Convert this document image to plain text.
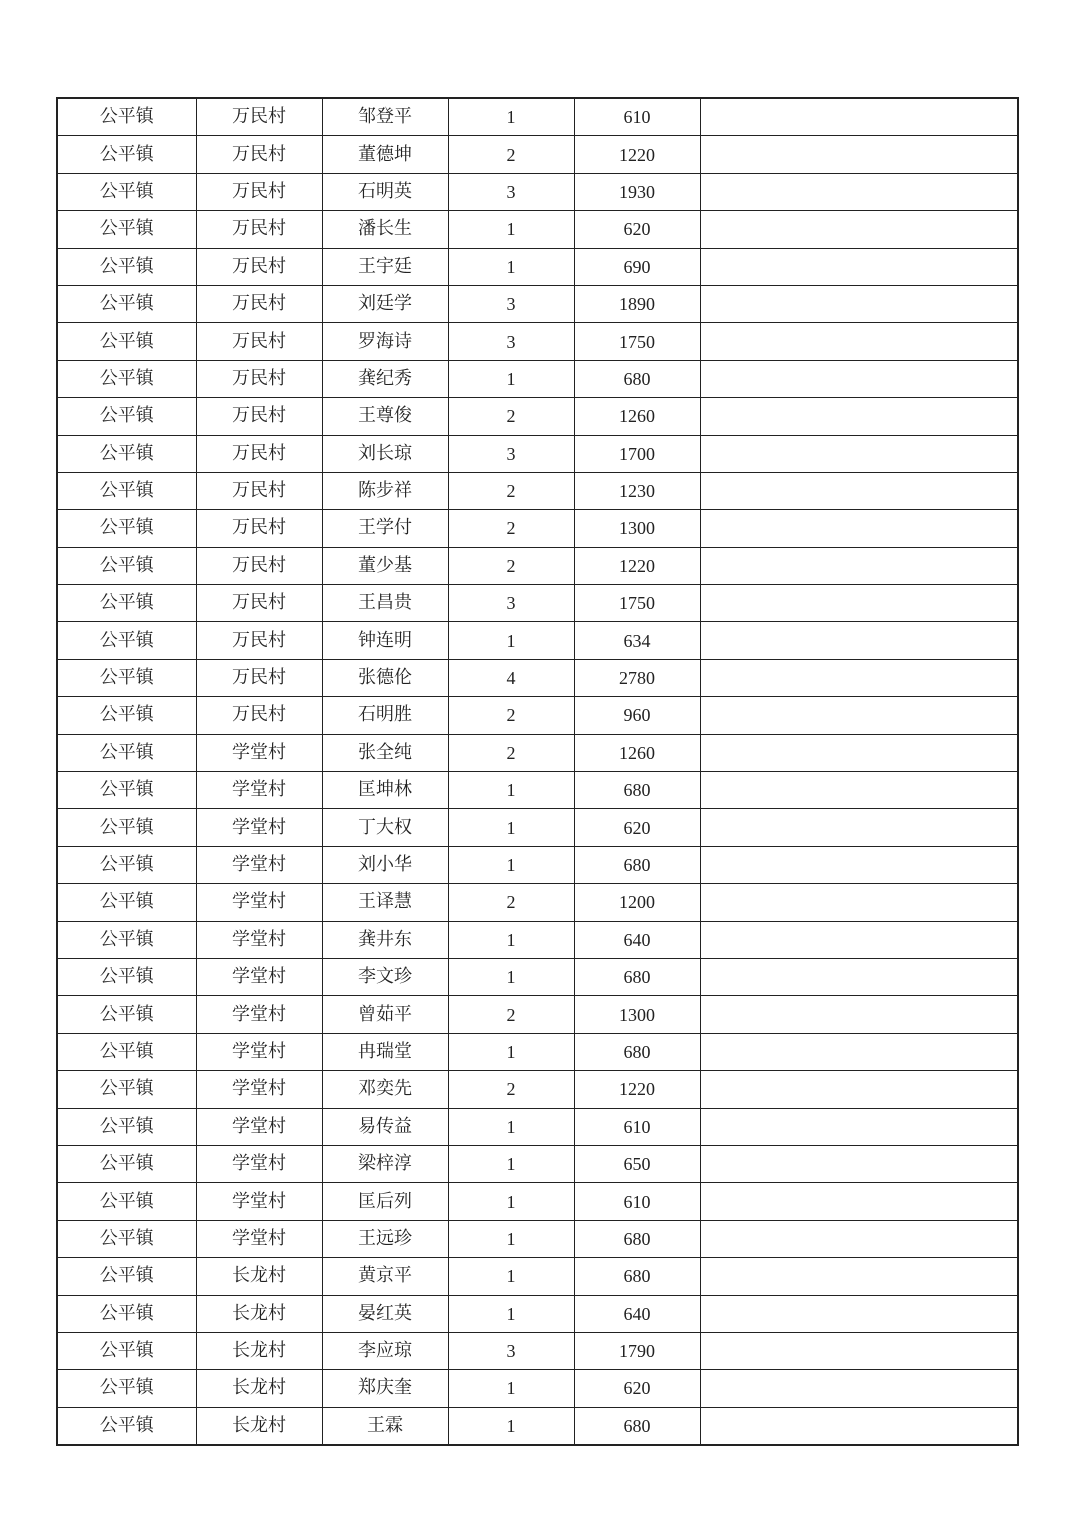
公平镇	万民村	邹登平	1	610	
公平镇	万民村	董德坤	2	1220	
公平镇	万民村	石明英	3	1930	
公平镇	万民村	潘长生	1	620	
公平镇	万民村	王宇廷	1	690	
公平镇	万民村	刘廷学	3	1890	
公平镇	万民村	罗海诗	3	1750	
公平镇	万民村	龚纪秀	1	680	
公平镇	万民村	王尊俊	2	1260	
公平镇	万民村	刘长琼	3	1700	
公平镇	万民村	陈步祥	2	1230	
公平镇	万民村	王学付	2	1300	
公平镇	万民村	董少基	2	1220	
公平镇	万民村	王昌贵	3	1750	
公平镇	万民村	钟连明	1	634	
公平镇	万民村	张德伦	4	2780	
公平镇	万民村	石明胜	2	960	
公平镇	学堂村	张全纯	2	1260	
公平镇	学堂村	匡坤林	1	680	
公平镇	学堂村	丁大权	1	620	
公平镇	学堂村	刘小华	1	680	
公平镇	学堂村	王译慧	2	1200	
公平镇	学堂村	龚井东	1	640	
公平镇	学堂村	李文珍	1	680	
公平镇	学堂村	曾茹平	2	1300	
公平镇	学堂村	冉瑞堂	1	680	
公平镇	学堂村	邓奕先	2	1220	
公平镇	学堂村	易传益	1	610	
公平镇	学堂村	梁梓淳	1	650	
公平镇	学堂村	匡后列	1	610	
公平镇	学堂村	王远珍	1	680	
公平镇	长龙村	黄京平	1	680	
公平镇	长龙村	晏红英	1	640	
公平镇	长龙村	李应琼	3	1790	
公平镇	长龙村	郑庆奎	1	620	
公平镇	长龙村	王霖	1	680	
